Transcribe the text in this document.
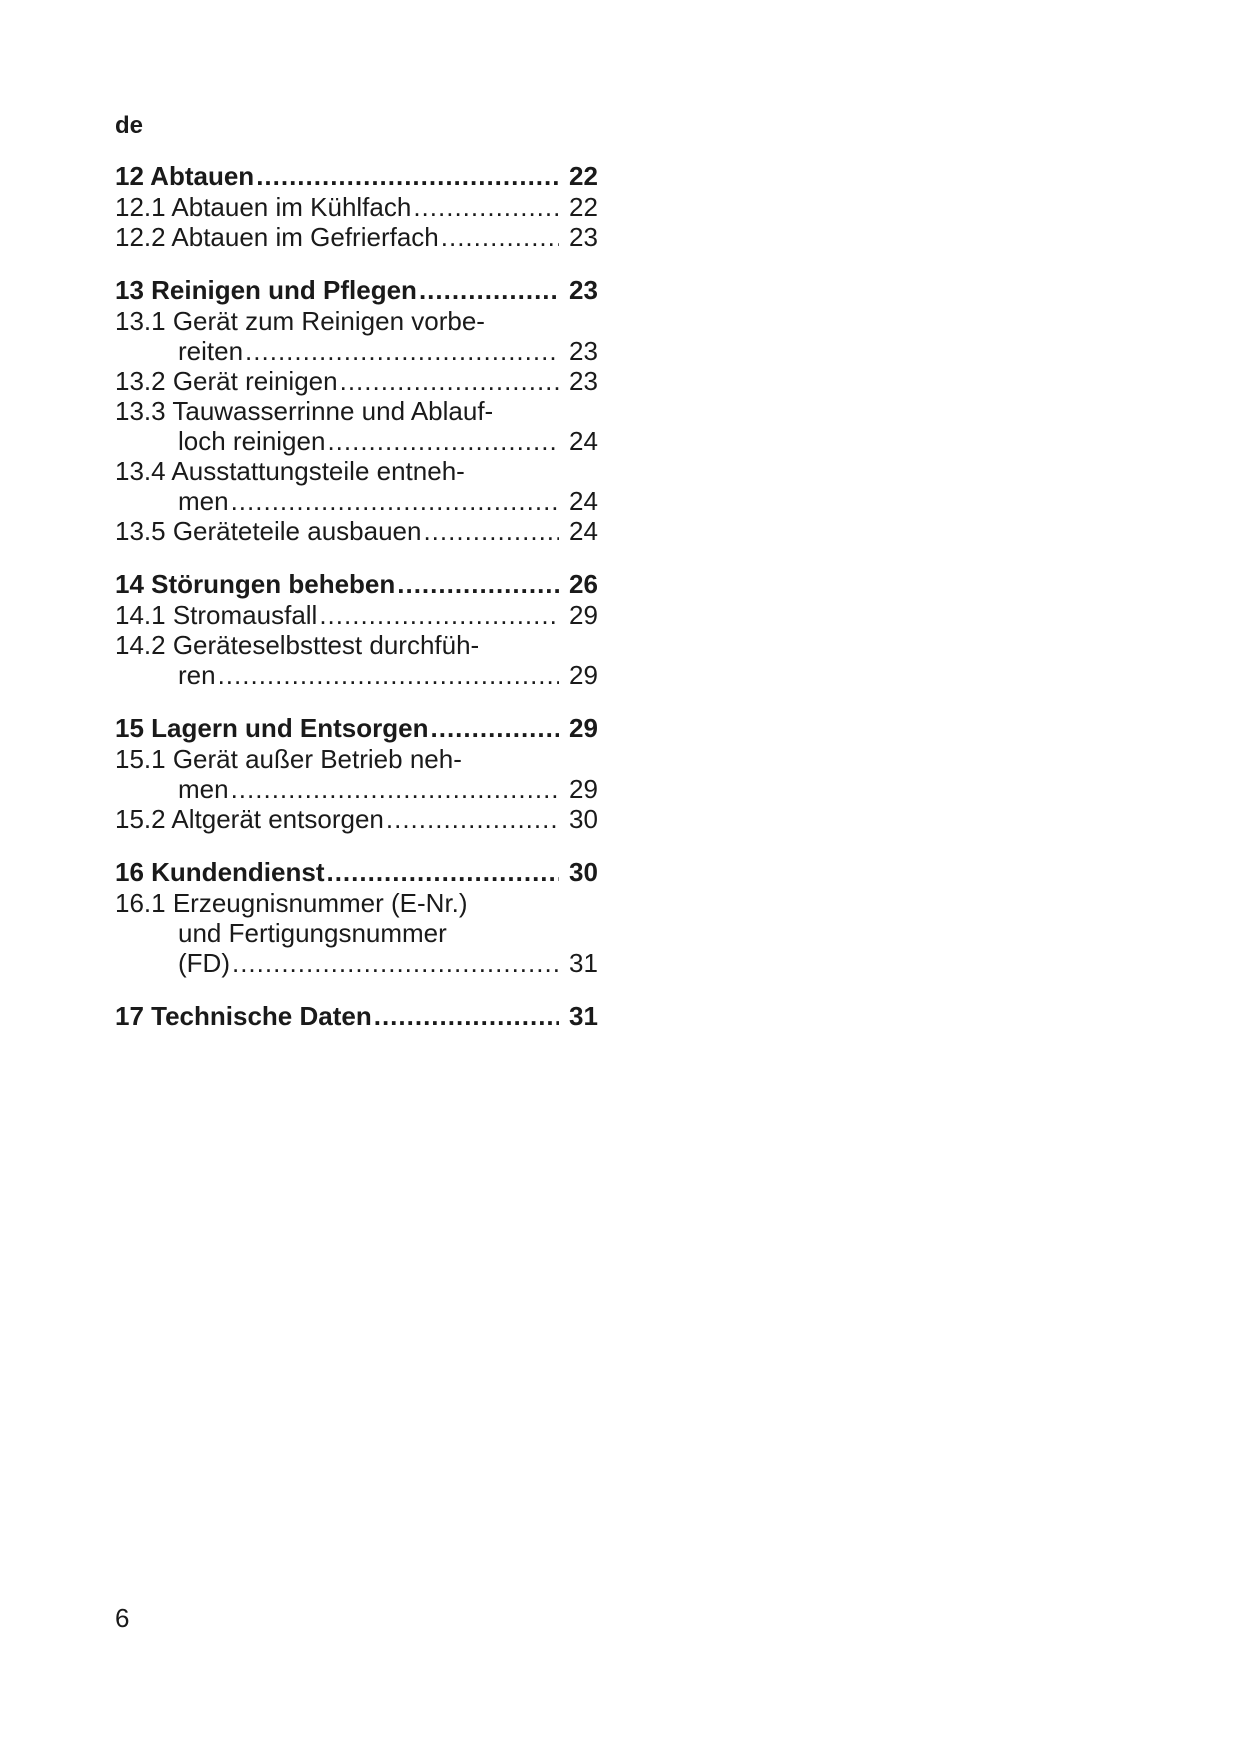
de
12 Abtauen .....	22
12.1 Abtauen im Kühlfach .....	22
12.2 Abtauen im Gefrierfach .....	23
13 Reinigen und Pflegen .....	23
13.1 Gerät zum Reinigen vorbe-
reiten .....	23
13.2 Gerät reinigen .....	23
13.3 Tauwasserrinne und Ablauf-
loch reinigen .....	24
13.4 Ausstattungsteile entneh-
men .....	24
13.5 Geräteteile ausbauen .....	24
14 Störungen beheben .....	26
14.1 Stromausfall .....	29
14.2 Geräteselbsttest durchfüh-
ren .....	29
15 Lagern und Entsorgen .....	29
15.1 Gerät außer Betrieb neh-
men .....	29
15.2 Altgerät entsorgen .....	30
16 Kundendienst .....	30
16.1 Erzeugnisnummer (E-Nr.)
und Fertigungsnummer
(FD) .....	31
17 Technische Daten .....	31
6
